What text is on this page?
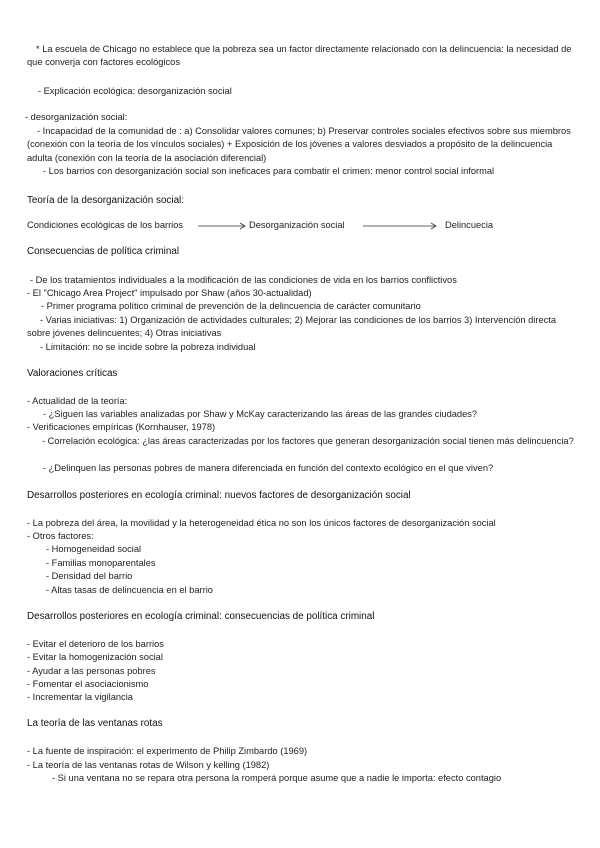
* La escuela de Chicago no establece que la pobreza sea un factor directamente relacionado con la delincuencia: la necesidad de que converja con factores ecológicos
- Explicación ecológica: desorganización social
- desorganización social:
- Incapacidad de la comunidad de : a) Consolidar valores comunes; b) Preservar controles sociales efectivos sobre sus miembros (conexión con la teoría de los vínculos sociales) + Exposición de los jóvenes a valores desviados a propósito de la delincuencia adulta (conexión con la teoría de la asociación diferencial)
- Los barrios con desorganización social son ineficaces para combatir el crimen: menor control social informal
Teoría de la desorganización social:
Condiciones ecológicas de los barrios	Desorganización social	Delincuecia
Consecuencias de política criminal
- De los tratamientos individuales a la modificación de las condiciones de vida en los barrios conflictivos
- El "Chicago Area Project" impulsado por Shaw (años 30-actualidad)
- Primer programa político criminal de prevención de la delincuencia de carácter comunitario
- Varias iniciativas: 1) Organización de actividades culturales; 2) Mejorar las condiciones de los barrios 3) Intervención directa sobre jóvenes delincuentes; 4) Otras iniciativas
- Limitación: no se incide sobre la pobreza individual
Valoraciones críticas
- Actualidad de la teoría:
- ¿Siguen las variables analizadas por Shaw y McKay caracterizando las áreas de las grandes ciudades?
- Verificaciones empíricas (Kornhauser, 1978)
- Correlación ecológica: ¿las áreas caracterizadas por los factores que generan desorganización social tienen más delincuencia?
- ¿Delinquen las personas pobres de manera diferenciada en función del contexto ecológico en el que viven?
Desarrollos posteriores en ecología criminal: nuevos factores de desorganización social
- La pobreza del área, la movilidad y la heterogeneidad ética no son los únicos factores de desorganización social
- Otros factores:
- Homogeneidad social
- Familias monoparentales
- Densidad del barrio
- Altas tasas de delincuencia en el barrio
Desarrollos posteriores en ecología criminal: consecuencias de política criminal
- Evitar el deterioro de los barrios
- Evitar la homogenización social
- Ayudar a las personas pobres
- Fomentar el asociacionismo
- Incrementar la vigilancia
La teoría de las ventanas rotas
- La fuente de inspiración: el experimento de Philip Zimbardo (1969)
- La teoría de las ventanas rotas de Wilson y kelling (1982)
- Si una ventana no se repara otra persona la romperá porque asume que a nadie le importa: efecto contagio
